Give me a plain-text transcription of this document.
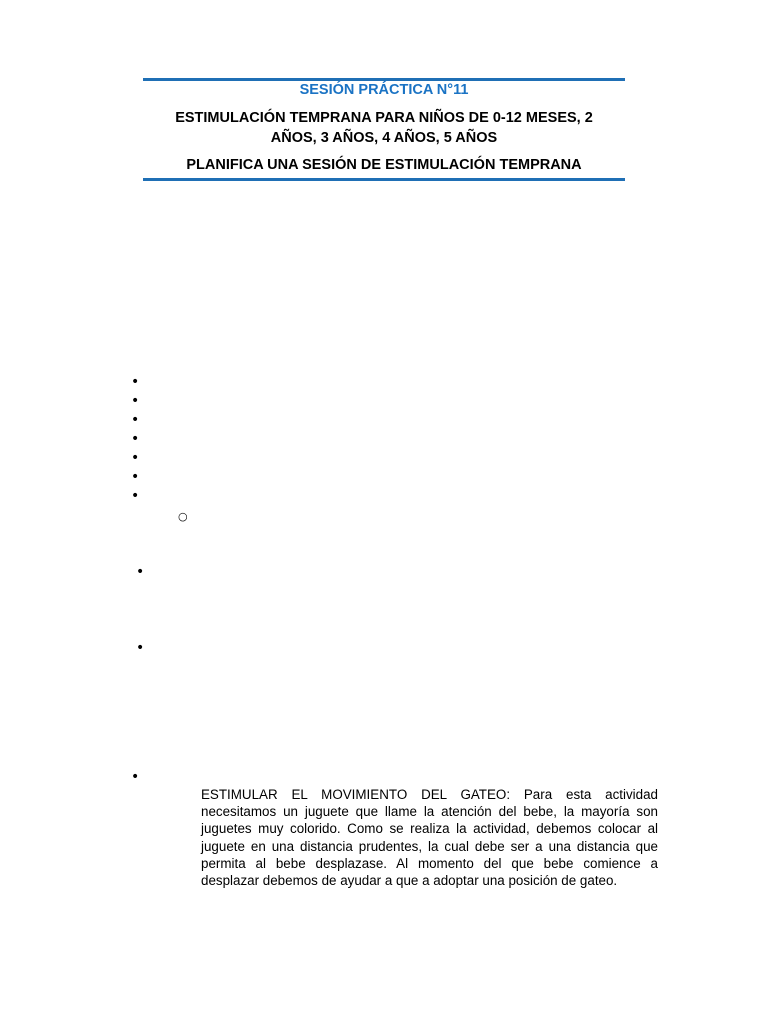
SESIÓN PRÁCTICA N°11
ESTIMULACIÓN TEMPRANA PARA NIÑOS DE 0-12 MESES, 2
AÑOS, 3 AÑOS, 4 AÑOS, 5 AÑOS
PLANIFICA UNA SESIÓN DE ESTIMULACIÓN TEMPRANA
•
•
•
•
•
•
•
○
•
•
•

ESTIMULAR EL MOVIMIENTO DEL GATEO: Para esta actividad necesitamos un juguete que llame la atención del bebe, la mayoría son juguetes muy colorido. Como se realiza la actividad, debemos colocar al juguete en una distancia prudentes, la cual debe ser a una distancia que permita al bebe desplazase. Al momento del que bebe comience a desplazar debemos de ayudar a que a adoptar una posición de gateo.
